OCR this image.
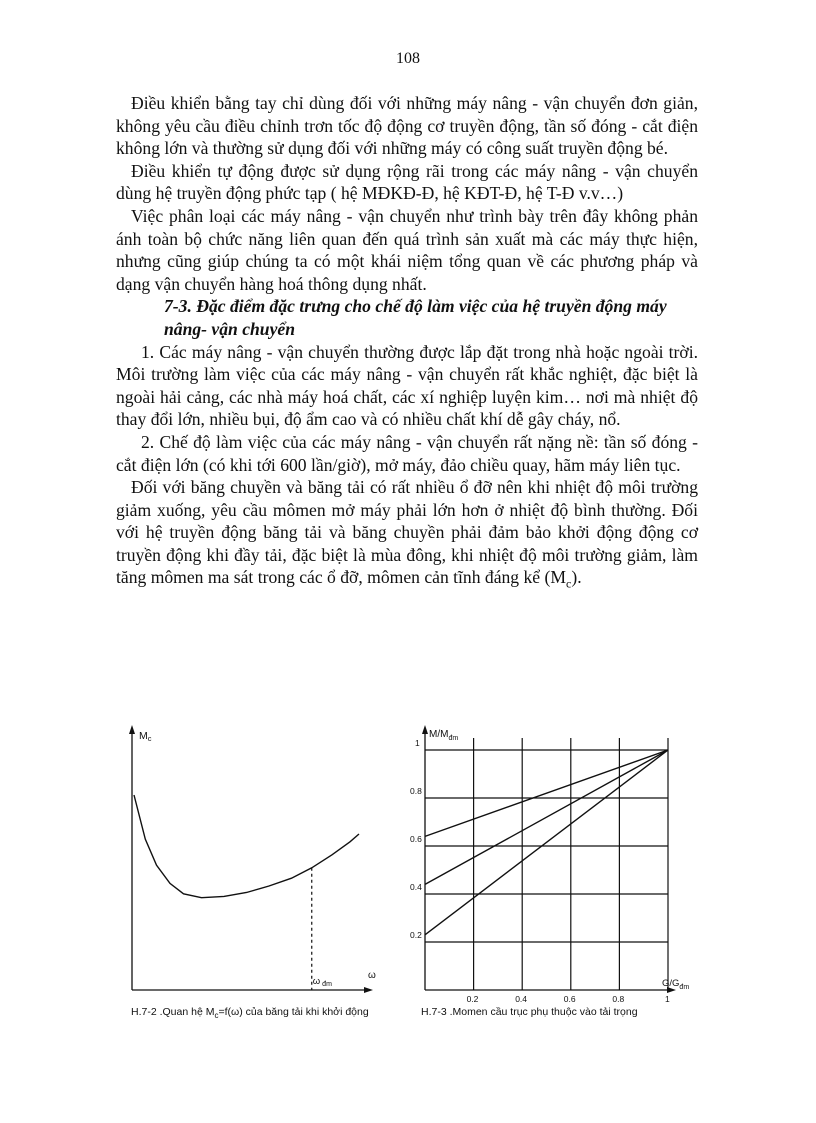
108

Điều khiển bằng tay chỉ dùng đối với những máy nâng - vận chuyển đơn giản, không yêu cầu điều chỉnh trơn tốc độ động cơ truyền động, tần số đóng - cắt điện không lớn và thường sử dụng đối với những máy có công suất truyền động bé.

Điều khiển tự động được sử dụng rộng rãi trong các máy nâng - vận chuyển dùng hệ truyền động phức tạp ( hệ MĐKĐ-Đ, hệ KĐT-Đ, hệ T-Đ v.v…)

Việc phân loại các máy nâng - vận chuyển như trình bày trên đây không phản ánh toàn bộ chức năng liên quan đến quá trình sản xuất mà các máy thực hiện, nhưng cũng giúp chúng ta có một khái niệm tổng quan về các phương pháp và dạng vận chuyển hàng hoá thông dụng nhất.

7-3. Đặc điểm đặc trưng cho chế độ làm việc của hệ truyền động máy nâng- vận chuyển

1. Các máy nâng - vận chuyển thường được lắp đặt trong nhà hoặc ngoài trời. Môi trường làm việc của các máy nâng - vận chuyển rất khắc nghiệt, đặc biệt là ngoài hải cảng, các nhà máy hoá chất, các xí nghiệp luyện kim… nơi mà nhiệt độ thay đổi lớn, nhiều bụi, độ ẩm cao và có nhiều chất khí dễ gây cháy, nổ.

2. Chế độ làm việc của các máy nâng - vận chuyển rất nặng nề: tần số đóng - cắt điện lớn (có khi tới 600 lần/giờ), mở máy, đảo chiều quay, hãm máy liên tục.

Đối với băng chuyền và băng tải có rất nhiều ổ đỡ nên khi nhiệt độ môi trường giảm xuống, yêu cầu mômen mở máy phải lớn hơn ở nhiệt độ bình thường. Đối với hệ truyền động băng tải và băng chuyền phải đảm bảo khởi động động cơ truyền động khi đầy tải, đặc biệt là mùa đông, khi nhiệt độ môi trường giảm, làm tăng mômen ma sát trong các ổ đỡ, mômen cản tĩnh đáng kể $(M_c)$.

Mc
ω
ω $_{đm}$
H.7-2 .Quan hệ $M_c=f(\omega)$ của băng tải khi khởi động
$M/M_{đm}$
$G/G_{đm}$
0.2	0.4	0.6	0.8	1
0.2
0.4
0.6
0.8
1
H.7-3 .Momen cầu trục phụ thuộc vào tải trọng
